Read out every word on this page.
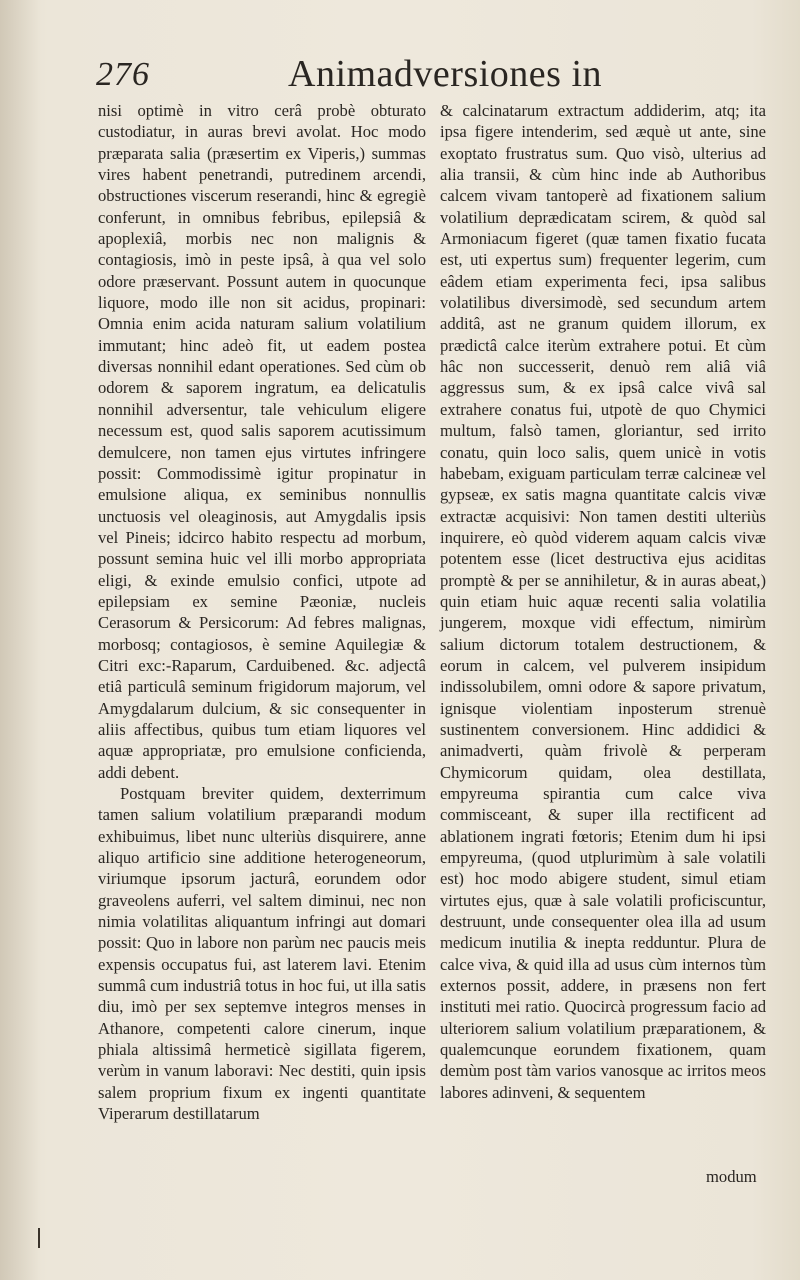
276	Animadversiones in

nisi optimè in vitro cerâ probè obturato custodiatur, in auras brevi avolat. Hoc modo præparata salia (præsertim ex Viperis,) summas vires habent penetrandi, putredinem arcendi, obstructiones viscerum reserandi, hinc & egregiè conferunt, in omnibus febribus, epilepsiâ & apoplexiâ, morbis nec non malignis & contagiosis, imò in peste ipsâ, à qua vel solo odore præservant. Possunt autem in quocunque liquore, modo ille non sit acidus, propinari: Omnia enim acida naturam salium volatilium immutant; hinc adeò fit, ut eadem postea diversas nonnihil edant operationes. Sed cùm ob odorem & saporem ingratum, ea delicatulis nonnihil adversentur, tale vehiculum eligere necessum est, quod salis saporem acutissimum demulcere, non tamen ejus virtutes infringere possit: Commodissimè igitur propinatur in emulsione aliqua, ex seminibus nonnullis unctuosis vel oleaginosis, aut Amygdalis ipsis vel Pineis; idcirco habito respectu ad morbum, possunt semina huic vel illi morbo appropriata eligi, & exinde emulsio confici, utpote ad epilepsiam ex semine Pæoniæ, nucleis Cerasorum & Persicorum: Ad febres malignas, morbosq; contagiosos, è semine Aquilegiæ & Citri exc:-Raparum, Carduibened. &c. adjectâ etiâ particulâ seminum frigidorum majorum, vel Amygdalarum dulcium, & sic consequenter in aliis affectibus, quibus tum etiam liquores vel aquæ appropriatæ, pro emulsione conficienda, addi debent.

Postquam breviter quidem, dexterrimum tamen salium volatilium præparandi modum exhibuimus, libet nunc ulteriùs disquirere, anne aliquo artificio sine additione heterogeneorum, viriumque ipsorum jacturâ, eorundem odor graveolens auferri, vel saltem diminui, nec non nimia volatilitas aliquantum infringi aut domari possit: Quo in labore non parùm nec paucis meis expensis occupatus fui, ast laterem lavi. Etenim summâ cum industriâ totus in hoc fui, ut illa satis diu, imò per sex septemve integros menses in Athanore, competenti calore cinerum, inque phiala altissimâ hermeticè sigillata figerem, verùm in vanum laboravi: Nec destiti, quin ipsis salem proprium fixum ex ingenti quantitate Viperarum destillatarum

& calcinatarum extractum addiderim, atq; ita ipsa figere intenderim, sed æquè ut ante, sine exoptato frustratus sum. Quo visò, ulterius ad alia transii, & cùm hinc inde ab Authoribus calcem vivam tantoperè ad fixationem salium volatilium deprædicatam scirem, & quòd sal Armoniacum figeret (quæ tamen fixatio fucata est, uti expertus sum) frequenter legerim, cum eâdem etiam experimenta feci, ipsa salibus volatilibus diversimodè, sed secundum artem additâ, ast ne granum quidem illorum, ex prædictâ calce iterùm extrahere potui. Et cùm hâc non successerit, denuò rem aliâ viâ aggressus sum, & ex ipsâ calce vivâ sal extrahere conatus fui, utpotè de quo Chymici multum, falsò tamen, gloriantur, sed irrito conatu, quin loco salis, quem unicè in votis habebam, exiguam particulam terræ calcineæ vel gypseæ, ex satis magna quantitate calcis vivæ extractæ acquisivi: Non tamen destiti ulteriùs inquirere, eò quòd viderem aquam calcis vivæ potentem esse (licet destructiva ejus aciditas promptè & per se annihiletur, & in auras abeat,) quin etiam huic aquæ recenti salia volatilia jungerem, moxque vidi effectum, nimirùm salium dictorum totalem destructionem, & eorum in calcem, vel pulverem insipidum indissolubilem, omni odore & sapore privatum, ignisque violentiam inposterum strenuè sustinentem conversionem. Hinc addidici & animadverti, quàm frivolè & perperam Chymicorum quidam, olea destillata, empyreuma spirantia cum calce viva commisceant, & super illa rectificent ad ablationem ingrati fœtoris; Etenim dum hi ipsi empyreuma, (quod utplurimùm à sale volatili est) hoc modo abigere student, simul etiam virtutes ejus, quæ à sale volatili proficiscuntur, destruunt, unde consequenter olea illa ad usum medicum inutilia & inepta redduntur. Plura de calce viva, & quid illa ad usus cùm internos tùm externos possit, addere, in præsens non fert instituti mei ratio. Quocircà progressum facio ad ulteriorem salium volatilium præparationem, & qualemcunque eorundem fixationem, quam demùm post tàm varios vanosque ac irritos meos labores adinveni, & sequentem

modum
